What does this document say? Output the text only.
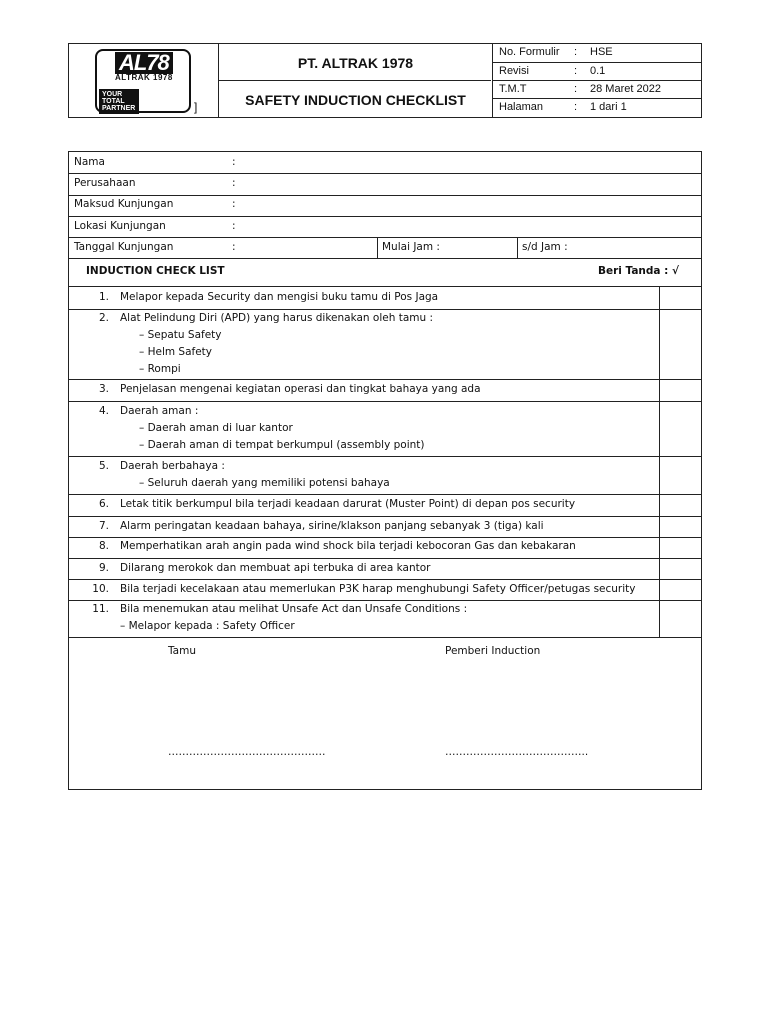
AL78
ALTRAK 1978
YOUR
TOTAL
PARTNER	]
PT. ALTRAK 1978
SAFETY INDUCTION CHECKLIST
No. Formulir : HSE
Revisi	: 0.1
T.M.T	: 28 Maret 2022
Halaman	: 1 dari 1
Nama	:
Perusahaan	:
Maksud Kunjungan	:
Lokasi Kunjungan	:
Tanggal Kunjungan	:	Mulai Jam :	s/d Jam :
INDUCTION CHECK LIST	Beri Tanda : √
1. Melapor kepada Security dan mengisi buku tamu di Pos Jaga
2. Alat Pelindung Diri (APD) yang harus dikenakan oleh tamu :
– Sepatu Safety
– Helm Safety
– Rompi
3. Penjelasan mengenai kegiatan operasi dan tingkat bahaya yang ada
4. Daerah aman :
– Daerah aman di luar kantor
– Daerah aman di tempat berkumpul (assembly point)
5. Daerah berbahaya :
– Seluruh daerah yang memiliki potensi bahaya
6. Letak titik berkumpul bila terjadi keadaan darurat (Muster Point) di depan pos security
7. Alarm peringatan keadaan bahaya, sirine/klakson panjang sebanyak 3 (tiga) kali
8. Memperhatikan arah angin pada wind shock bila terjadi kebocoran Gas dan kebakaran
9. Dilarang merokok dan membuat api terbuka di area kantor
10. Bila terjadi kecelakaan atau memerlukan P3K harap menghubungi Safety Officer/petugas security
11. Bila menemukan atau melihat Unsafe Act dan Unsafe Conditions :
– Melapor kepada : Safety Officer
Tamu	Pemberi Induction
………………………………………	…………………………………..
